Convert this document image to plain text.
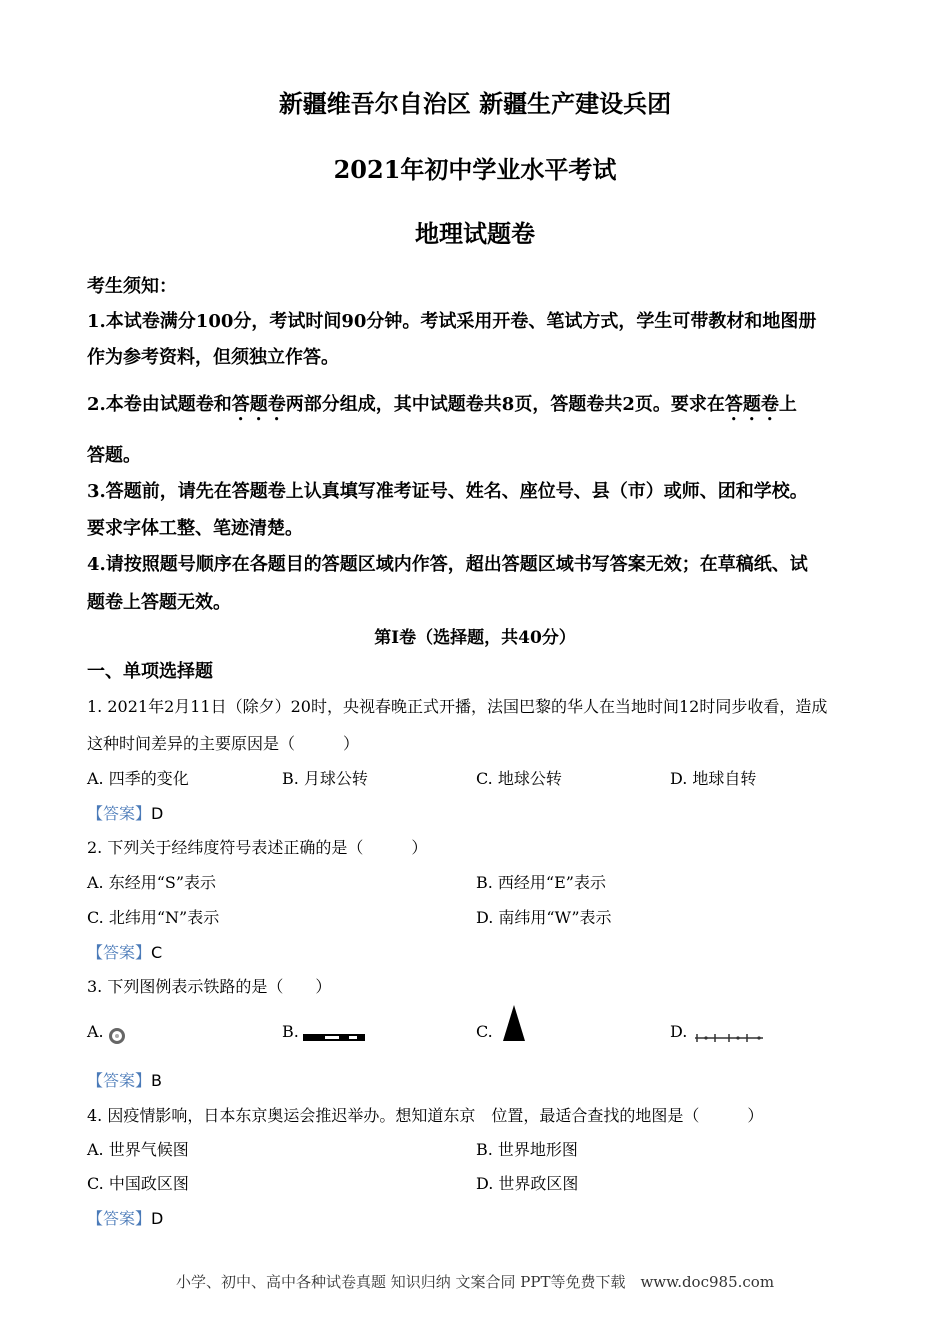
新疆维吾尔自治区 新疆生产建设兵团
2021年初中学业水平考试
地理试题卷
考生须知：
1.本试卷满分100分，考试时间90分钟。考试采用开卷、笔试方式，学生可带教材和地图册
作为参考资料，但须独立作答。
2.本卷由试题卷和答题卷两部分组成，其中试题卷共8页，答题卷共2页。要求在答题卷上
答题。
3.答题前，请先在答题卷上认真填写准考证号、姓名、座位号、县（市）或师、团和学校。
要求字体工整、笔迹清楚。
4.请按照题号顺序在各题目的答题区域内作答，超出答题区域书写答案无效；在草稿纸、试
题卷上答题无效。
第Ⅰ卷（选择题，共40分）
一、单项选择题
1. 2021年2月11日（除夕）20时，央视春晚正式开播，法国巴黎的华人在当地时间12时同步收看，造成
这种时间差异的主要原因是（　　　）
A. 四季的变化	B. 月球公转	C. 地球公转	D. 地球自转
【答案】D
2. 下列关于经纬度符号表述正确的是（　　　）
A. 东经用“S”表示	B. 西经用“E”表示
C. 北纬用“N”表示	D. 南纬用“W”表示
【答案】C
3. 下列图例表示铁路的是（　　）
A.	B.	C.	D.
【答案】B
4. 因疫情影响，日本东京奥运会推迟举办。想知道东京　位置，最适合查找的地图是（　　　）
A. 世界气候图	B. 世界地形图
C. 中国政区图	D. 世界政区图
【答案】D
小学、初中、高中各种试卷真题 知识归纳 文案合同 PPT等免费下载　www.doc985.com
